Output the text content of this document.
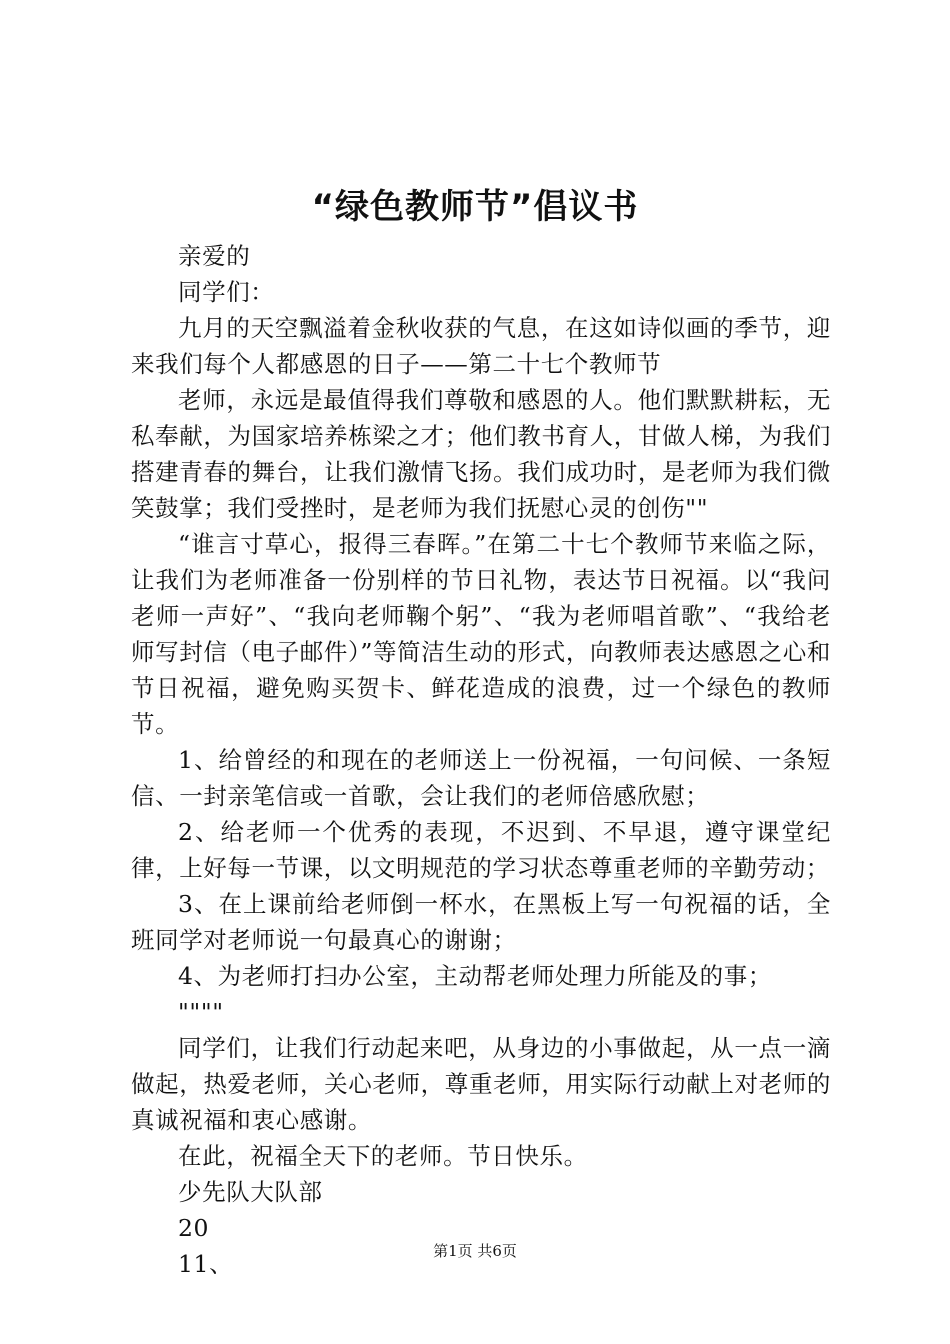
“绿色教师节”倡议书

亲爱的

同学们：

九月的天空飘溢着金秋收获的气息，在这如诗似画的季节，迎来我们每个人都感恩的日子——第二十七个教师节

老师，永远是最值得我们尊敬和感恩的人。他们默默耕耘，无私奉献，为国家培养栋梁之才；他们教书育人，甘做人梯，为我们搭建青春的舞台，让我们激情飞扬。我们成功时，是老师为我们微笑鼓掌；我们受挫时，是老师为我们抚慰心灵的创伤""

“谁言寸草心，报得三春晖。”在第二十七个教师节来临之际，让我们为老师准备一份别样的节日礼物，表达节日祝福。以“我问老师一声好”、“我向老师鞠个躬”、“我为老师唱首歌”、“我给老师写封信（电子邮件）”等简洁生动的形式，向教师表达感恩之心和节日祝福，避免购买贺卡、鲜花造成的浪费，过一个绿色的教师节。

1、给曾经的和现在的老师送上一份祝福，一句问候、一条短信、一封亲笔信或一首歌，会让我们的老师倍感欣慰；

2、给老师一个优秀的表现，不迟到、不早退，遵守课堂纪律，上好每一节课，以文明规范的学习状态尊重老师的辛勤劳动；

3、在上课前给老师倒一杯水，在黑板上写一句祝福的话，全班同学对老师说一句最真心的谢谢；

4、为老师打扫办公室，主动帮老师处理力所能及的事；

""""

同学们，让我们行动起来吧，从身边的小事做起，从一点一滴做起，热爱老师，关心老师，尊重老师，用实际行动献上对老师的真诚祝福和衷心感谢。

在此，祝福全天下的老师。节日快乐。

少先队大队部

20

11、	第1页 共6页
